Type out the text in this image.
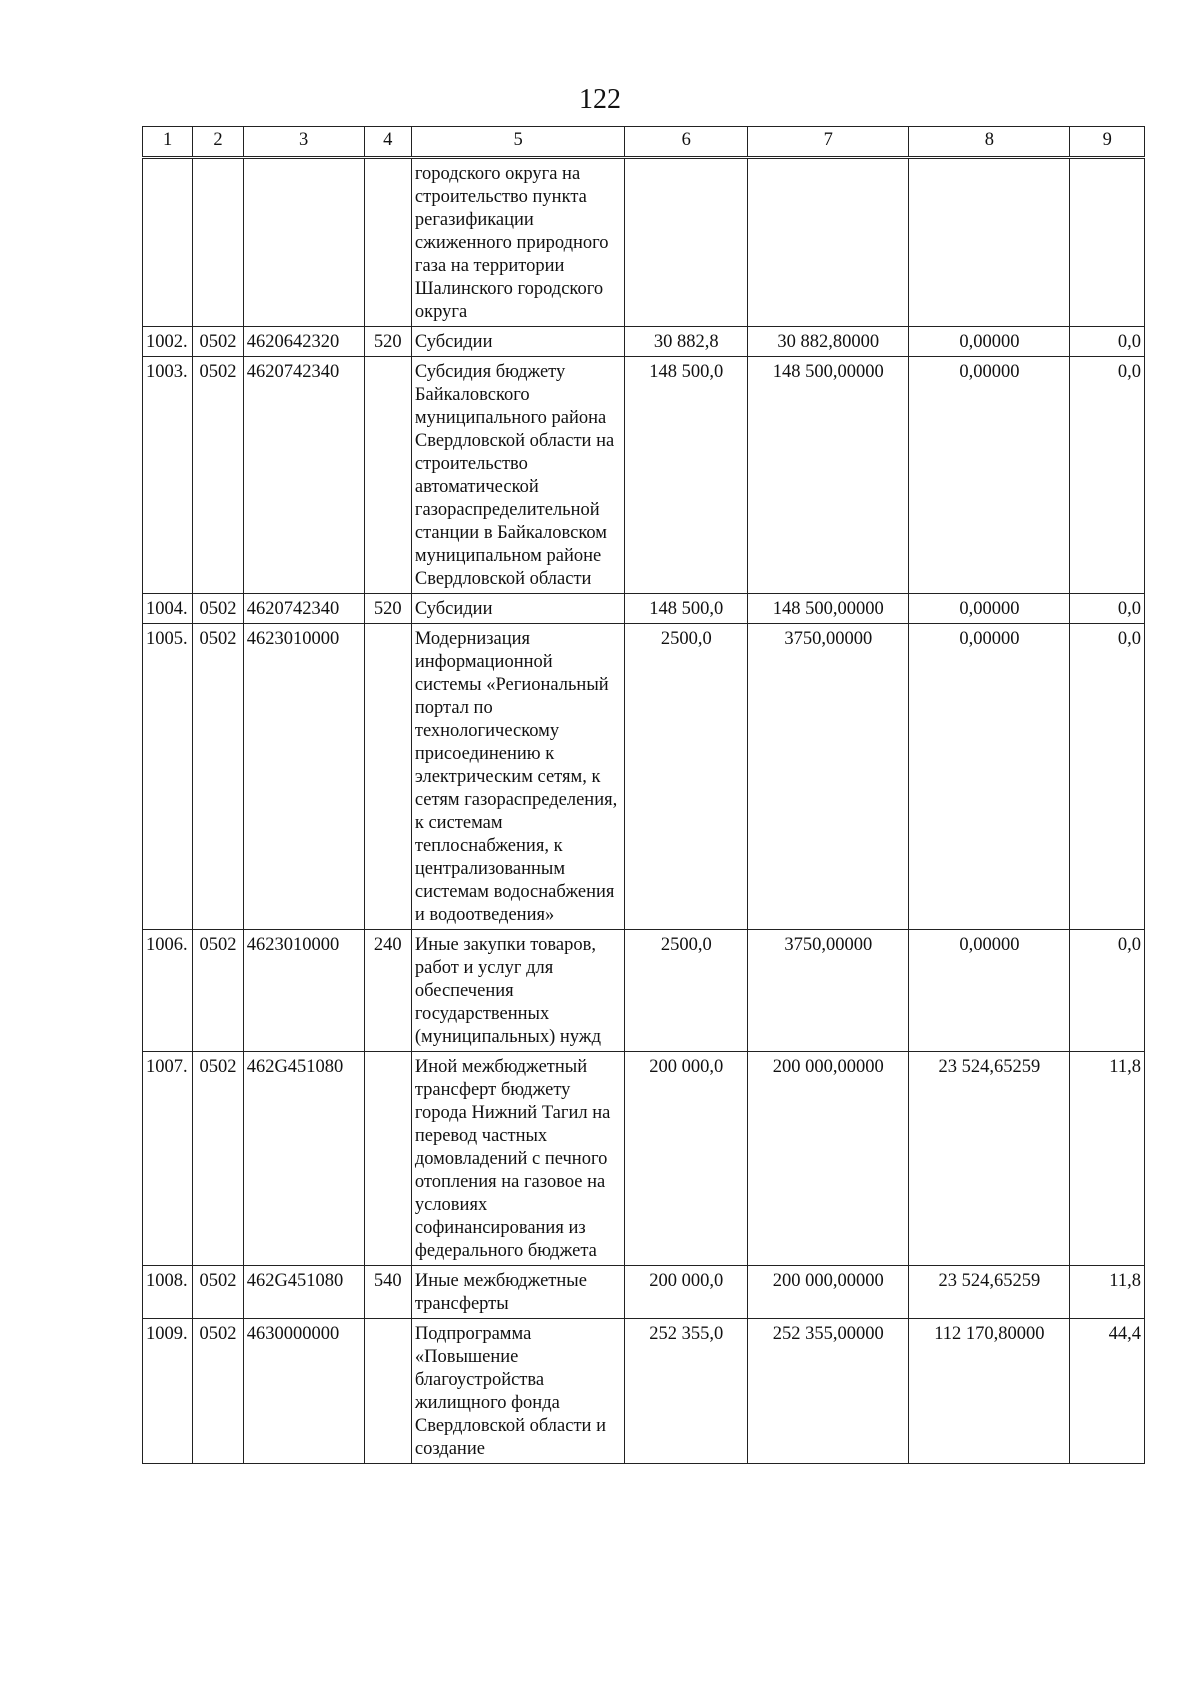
122
1	2	3	4	5	6	7	8	9
				городского округа на строительство пункта регазификации сжиженного природного газа на территории Шалинского городского округа				
1002.	0502	4620642320	520	Субсидии	30 882,8	30 882,80000	0,00000	0,0
1003.	0502	4620742340		Субсидия бюджету Байкаловского муниципального района Свердловской области на строительство автоматической газораспределительной станции в Байкаловском муниципальном районе Свердловской области	148 500,0	148 500,00000	0,00000	0,0
1004.	0502	4620742340	520	Субсидии	148 500,0	148 500,00000	0,00000	0,0
1005.	0502	4623010000		Модернизация информационной системы «Региональный портал по технологическому присоединению к электрическим сетям, к сетям газораспределения, к системам теплоснабжения, к централизованным системам водоснабжения и водоотведения»	2500,0	3750,00000	0,00000	0,0
1006.	0502	4623010000	240	Иные закупки товаров, работ и услуг для обеспечения государственных (муниципальных) нужд	2500,0	3750,00000	0,00000	0,0
1007.	0502	462G451080		Иной межбюджетный трансферт бюджету города Нижний Тагил на перевод частных домовладений с печного отопления на газовое на условиях софинансирования из федерального бюджета	200 000,0	200 000,00000	23 524,65259	11,8
1008.	0502	462G451080	540	Иные межбюджетные трансферты	200 000,0	200 000,00000	23 524,65259	11,8
1009.	0502	4630000000		Подпрограмма «Повышение благоустройства жилищного фонда Свердловской области и создание	252 355,0	252 355,00000	112 170,80000	44,4
